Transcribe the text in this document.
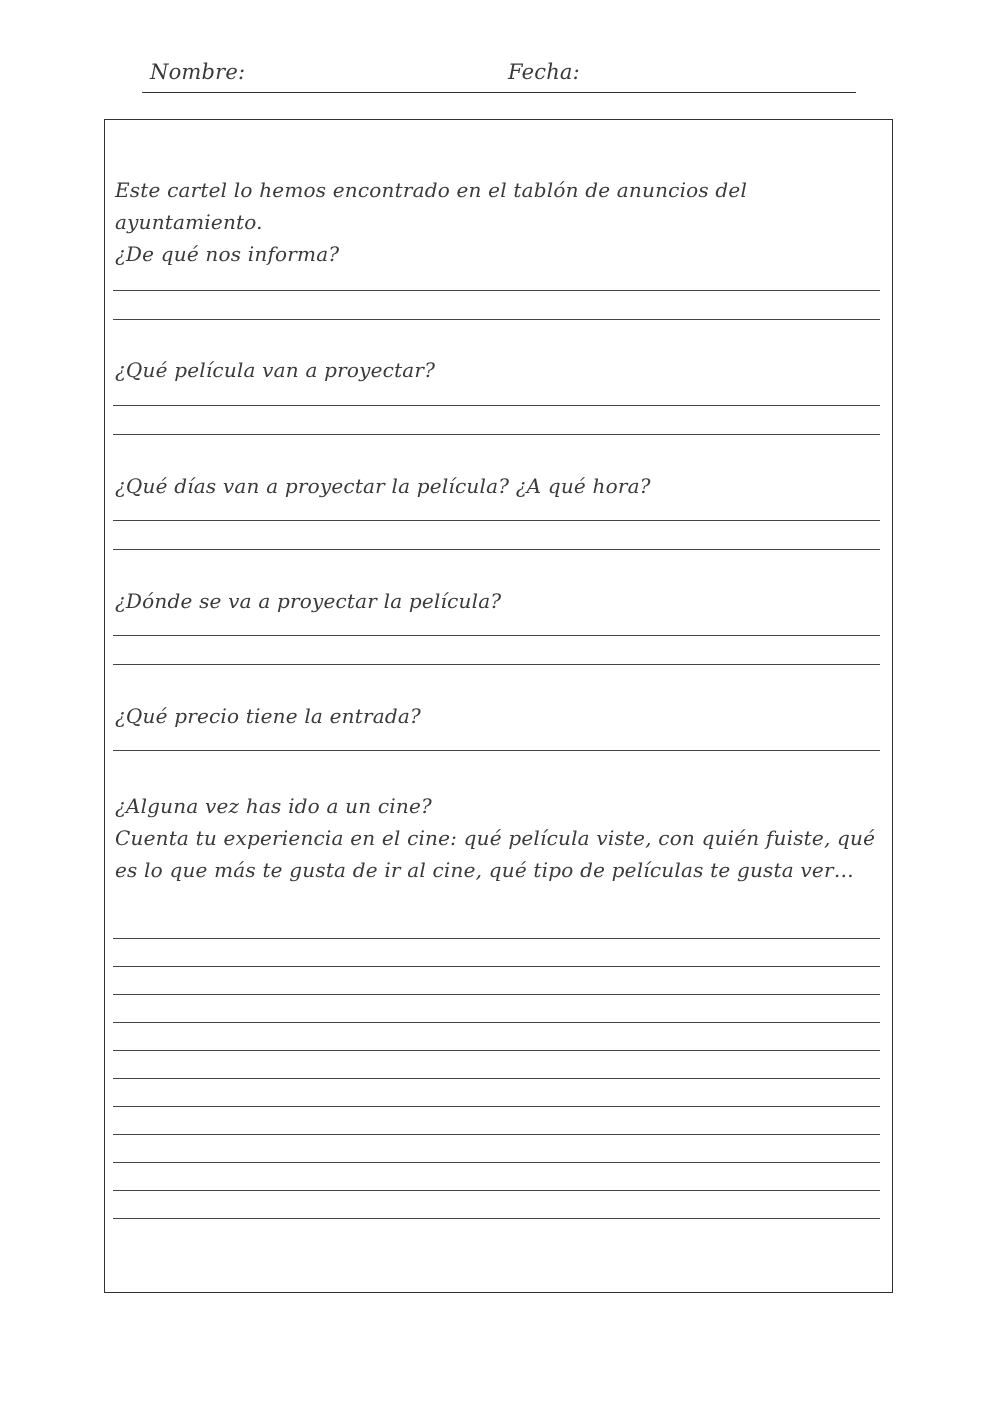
Nombre:	Fecha:
Este cartel lo hemos encontrado en el tablón de anuncios del
ayuntamiento.
¿De qué nos informa?
¿Qué película van a proyectar?
¿Qué días van a proyectar la película? ¿A qué hora?
¿Dónde se va a proyectar la película?
¿Qué precio tiene la entrada?
¿Alguna vez has ido a un cine?
Cuenta tu experiencia en el cine: qué película viste, con quién fuiste, qué
es lo que más te gusta de ir al cine, qué tipo de películas te gusta ver…
